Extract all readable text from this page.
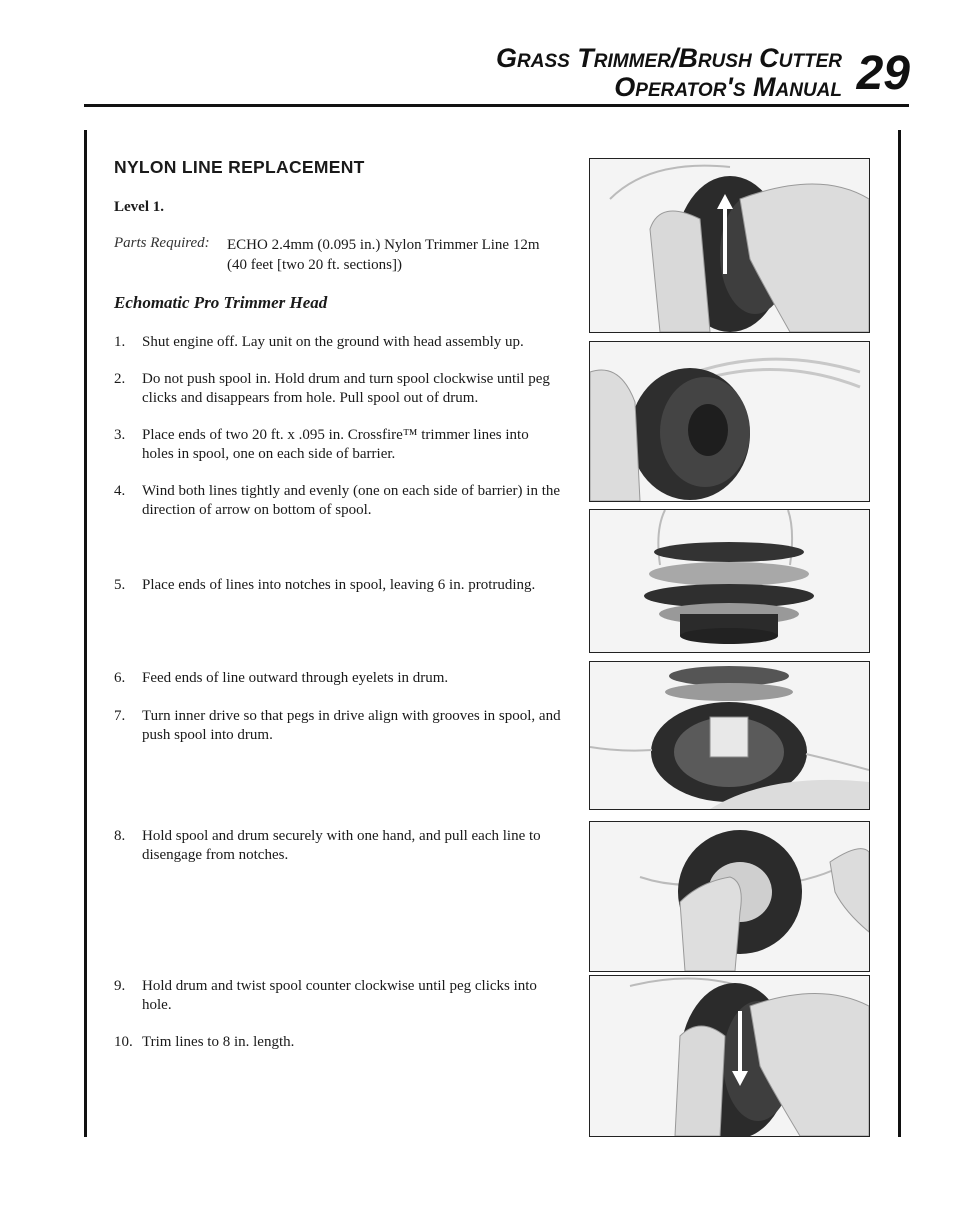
Grass Trimmer/Brush Cutter
Operator's Manual 29
NYLON LINE REPLACEMENT
Level 1.
Parts Required: ECHO 2.4mm (0.095 in.) Nylon Trimmer Line 12m
(40 feet [two 20 ft. sections])
Echomatic Pro Trimmer Head
1. Shut engine off. Lay unit on the ground with head assembly up.
2. Do not push spool in. Hold drum and turn spool clockwise until peg clicks and disappears from hole. Pull spool out of drum.
3. Place ends of two 20 ft. x .095 in. Crossfire™ trimmer lines into holes in spool, one on each side of barrier.
4. Wind both lines tightly and evenly (one on each side of barrier) in the direction of arrow on bottom of spool.
5. Place ends of lines into notches in spool, leaving 6 in. protruding.
6. Feed ends of line outward through eyelets in drum.
7. Turn inner drive so that pegs in drive align with grooves in spool, and push spool into drum.
8. Hold spool and drum securely with one hand, and pull each line to disengage from notches.
9. Hold drum and twist spool counter clockwise until peg clicks into hole.
10. Trim lines to 8 in. length.
